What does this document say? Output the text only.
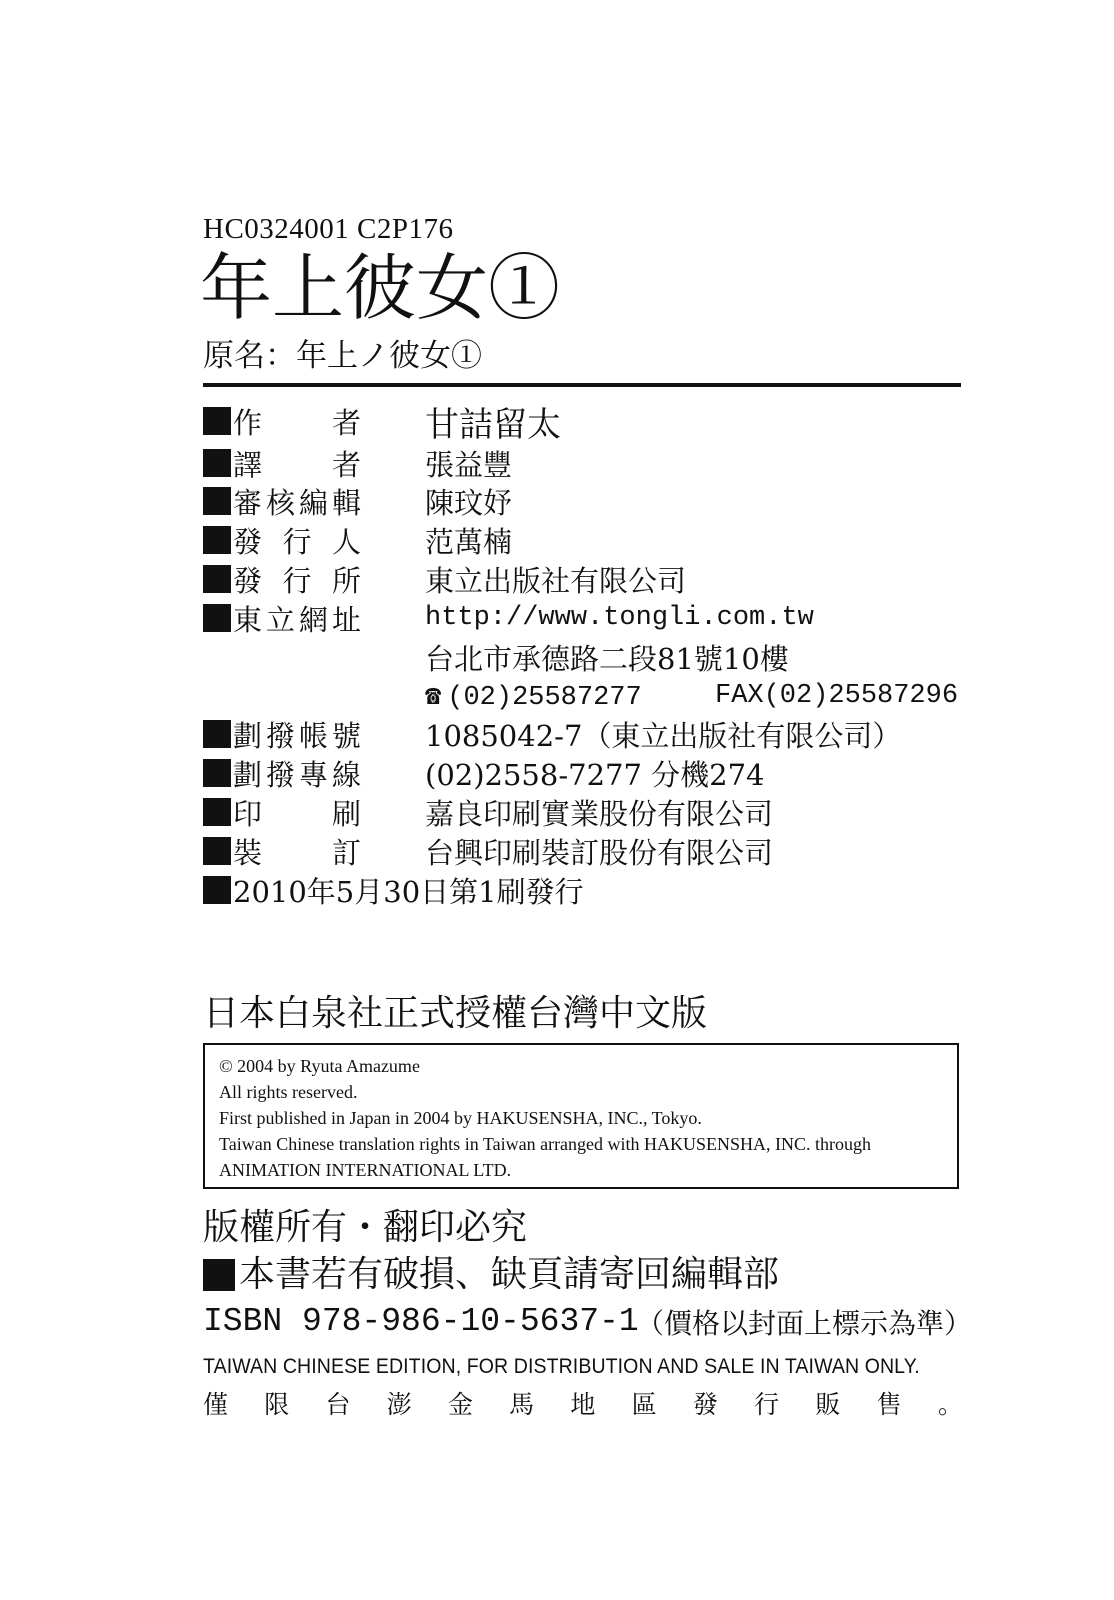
HC0324001 C2P176
年上彼女①
原名：年上ノ彼女①
作　　者 甘詰留太
譯　　者 張益豐
審核編輯 陳玟妤
發 行 人 范萬楠
發 行 所 東立出版社有限公司
東立網址 http://www.tongli.com.tw
台北市承德路二段81號10樓
☎ (02)25587277	FAX(02)25587296
劃撥帳號 1085042-7（東立出版社有限公司）
劃撥專線 (02)2558-7277 分機274
印　　刷 嘉良印刷實業股份有限公司
裝　　訂 台興印刷裝訂股份有限公司
2010年5月30日第1刷發行
日本白泉社正式授權台灣中文版
© 2004 by Ryuta Amazume
All rights reserved.
First published in Japan in 2004 by HAKUSENSHA, INC., Tokyo.
Taiwan Chinese translation rights in Taiwan arranged with HAKUSENSHA, INC. through
ANIMATION INTERNATIONAL LTD.
版權所有・翻印必究
本書若有破損、缺頁請寄回編輯部
ISBN 978-986-10-5637-1
（價格以封面上標示為準）
TAIWAN CHINESE EDITION, FOR DISTRIBUTION AND SALE IN TAIWAN ONLY.
僅 限 台 澎 金 馬 地 區 發 行 販 售 。
